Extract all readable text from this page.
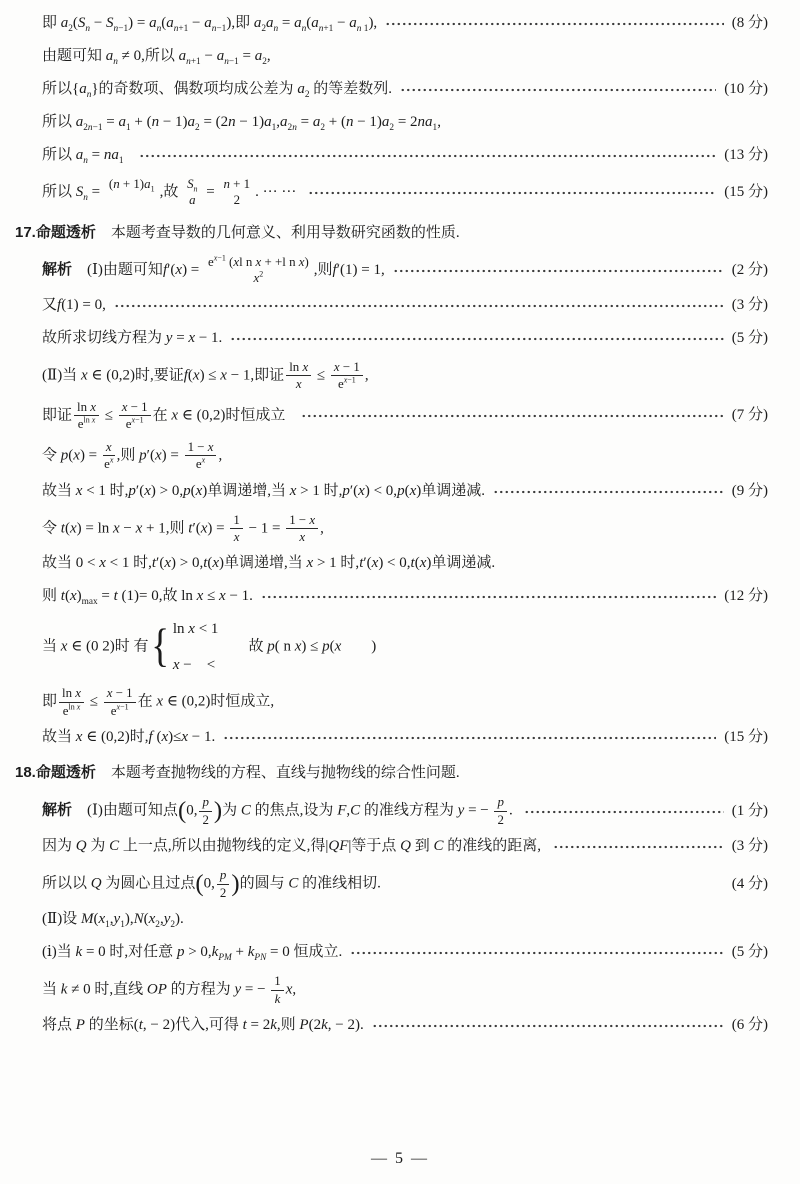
即 $a_2(S_n - S_{n-1}) = a_n(a_{n+1} - a_{n-1})$,即 $a_2a_n = a_n(a_{n+1} - a_{n 1})$,	(8 分)
由题可知 $a_n \ne 0$,所以 $a_{n+1} - a_{n-1} = a_2$,
所以$\{a_n\}$的奇数项、偶数项均成公差为 $a_2$ 的等差数列.	(10 分)
所以 $a_{2n-1} = a_1 + (n - 1)a_2 = (2n - 1)a_1,a_{2n} = a_2 + (n - 1)a_2 = 2na_1$,
所以 $a_n = na_1$	(13 分)
所以 $S_n = (n + 1)a_1$
,故 $S_n$
a
= n + 1
2
. ··· ···	(15 分)
17.命题透析　本题考查导数的几何意义、利用导数研究函数的性质.
解析　(Ⅰ)由题可知$f'(x) = e^{x-1}$ (xl n x + +l n x)
$x^2$	,则f′(1) = 1,	(2 分)
又f(1) = 0,	(3 分)
故所求切线方程为 y = x − 1.	(5 分)
(Ⅱ)当 x ∈ (0,2)时,要证f(x) ≤ x − 1,即证 $\frac{\text{ln x}}{x} \le \frac{x - 1}{e^{x-1}}$ ,
即证 $\frac{\text{ln x}}{e^{ln x}} \le \frac{x - 1}{e^{x-1}}$ 在 x ∈ (0,2)时恒成立	(7 分)
令 $p(x) = \frac{x}{e^x}$ ,则 $p'(x) = \frac{1 - x}{e^x}$ ,
故当 x < 1 时,p′(x) > 0,p(x)单调递增,当 x > 1 时,p′(x) < 0,p(x)单调递减.	(9 分)
令 t(x) = ln x − x + 1,则 $t'(x) = \frac{1}{x} - 1 = \frac{1 - x}{x}$ ,
故当 0 < x < 1 时,t′(x) > 0,t(x)单调递增,当 x > 1 时,t′(x) < 0,t(x)单调递减.
则 $t(x)_{max} = t$ (1)= 0,故 ln x ≤ x − 1.	(12 分)
当 x ∈ (0 2)时 有 { ln x < 1
x −　<
　　故 p( n x) ≤ p(x　　)
即 $\frac{\text{ln x}}{e^{ln x}} \le \frac{x - 1}{e^{x-1}}$ 在 x ∈ (0,2)时恒成立,
故当 x ∈ (0,2)时,f (x)≤x − 1.	(15 分)
18.命题透析　本题考查抛物线的方程、直线与抛物线的综合性问题.
解析　(Ⅰ)由题可知点(0, $\frac{p}{2}$ )为 C 的焦点,设为 F,C 的准线方程为 y = − $\frac{p}{2}$ .	(1 分)
因为 Q 为 C 上一点,所以由抛物线的定义,得|QF|等于点 Q 到 C 的准线的距离,	(3 分)
所以以 Q 为圆心且过点(0, $\frac{p}{2}$ )的圆与 C 的准线相切.	(4 分)
(Ⅱ)设 $M(x_1,y_1),N(x_2,y_2)$.
(ⅰ)当 k = 0 时,对任意 $p > 0,k_{PM} + k_{PN} = 0$ 恒成立.	(5 分)
当 k ≠ 0 时,直线 OP 的方程为 y = − $\frac{1}{k} x$,
将点 P 的坐标(t, − 2)代入,可得 t = 2k,则 P(2k, − 2).	(6 分)
— 5 —
